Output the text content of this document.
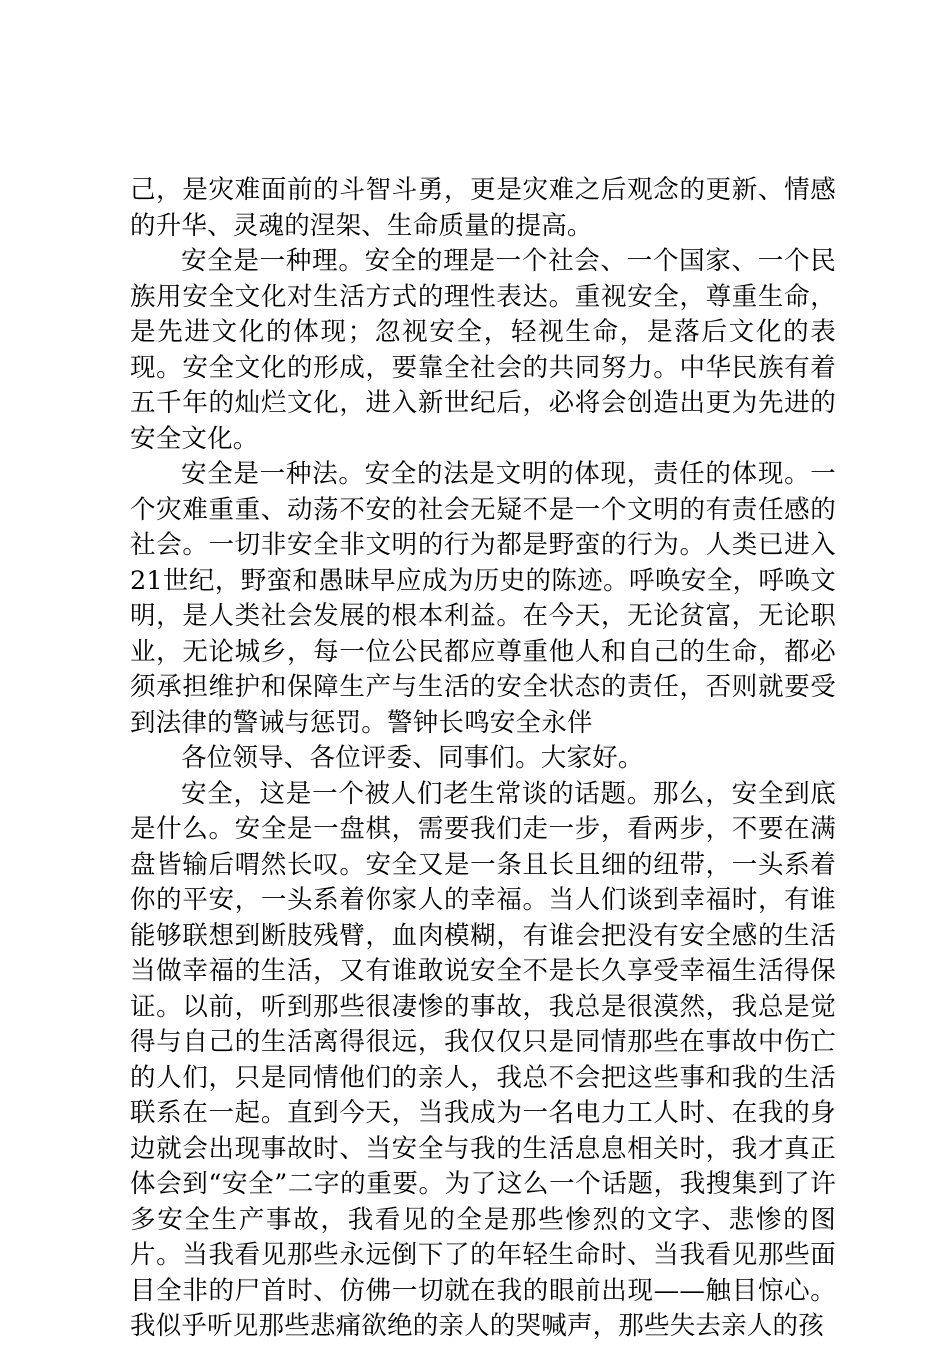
己，是灾难面前的斗智斗勇，更是灾难之后观念的更新、情感的升华、灵魂的涅架、生命质量的提高。

安全是一种理。安全的理是一个社会、一个国家、一个民族用安全文化对生活方式的理性表达。重视安全，尊重生命，是先进文化的体现；忽视安全，轻视生命，是落后文化的表现。安全文化的形成，要靠全社会的共同努力。中华民族有着五千年的灿烂文化，进入新世纪后，必将会创造出更为先进的安全文化。

安全是一种法。安全的法是文明的体现，责任的体现。一个灾难重重、动荡不安的社会无疑不是一个文明的有责任感的社会。一切非安全非文明的行为都是野蛮的行为。人类已进入21世纪，野蛮和愚昧早应成为历史的陈迹。呼唤安全，呼唤文明，是人类社会发展的根本利益。在今天，无论贫富，无论职业，无论城乡，每一位公民都应尊重他人和自己的生命，都必须承担维护和保障生产与生活的安全状态的责任，否则就要受到法律的警诫与惩罚。警钟长鸣安全永伴

各位领导、各位评委、同事们。大家好。

安全，这是一个被人们老生常谈的话题。那么，安全到底是什么。安全是一盘棋，需要我们走一步，看两步，不要在满盘皆输后喟然长叹。安全又是一条且长且细的纽带，一头系着你的平安，一头系着你家人的幸福。当人们谈到幸福时，有谁能够联想到断肢残臂，血肉模糊，有谁会把没有安全感的生活当做幸福的生活，又有谁敢说安全不是长久享受幸福生活得保证。以前，听到那些很凄惨的事故，我总是很漠然，我总是觉得与自己的生活离得很远，我仅仅只是同情那些在事故中伤亡的人们，只是同情他们的亲人，我总不会把这些事和我的生活联系在一起。直到今天，当我成为一名电力工人时、在我的身边就会出现事故时、当安全与我的生活息息相关时，我才真正体会到“安全”二字的重要。为了这么一个话题，我搜集到了许多安全生产事故，我看见的全是那些惨烈的文字、悲惨的图片。当我看见那些永远倒下了的年轻生命时、当我看见那些面目全非的尸首时、仿佛一切就在我的眼前出现——触目惊心。我似乎听见那些悲痛欲绝的亲人的哭喊声，那些失去亲人的孩
